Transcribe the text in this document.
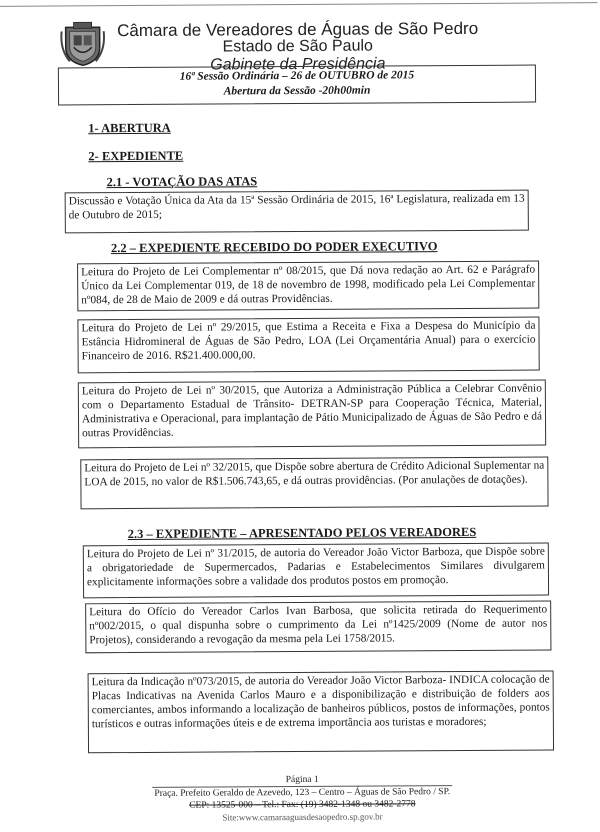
Câmara de Vereadores de Águas de São Pedro
Estado de São Paulo
Gabinete da Presidência
16ª Sessão Ordinária – 26 de OUTUBRO de 2015
Abertura da Sessão -20h00min
1- ABERTURA
2- EXPEDIENTE
2.1 - VOTAÇÃO DAS ATAS
Discussão e Votação Única da Ata da 15ª Sessão Ordinária de 2015, 16ª Legislatura, realizada em 13 de Outubro de 2015;
2.2 – EXPEDIENTE RECEBIDO DO PODER EXECUTIVO
Leitura do Projeto de Lei Complementar nº 08/2015, que Dá nova redação ao Art. 62 e Parágrafo Único da Lei Complementar 019, de 18 de novembro de 1998, modificado pela Lei Complementar nº084, de 28 de Maio de 2009 e dá outras Providências.
Leitura do Projeto de Lei nº 29/2015, que Estima a Receita e Fixa a Despesa do Município da Estância Hidromineral de Águas de São Pedro, LOA (Lei Orçamentária Anual) para o exercício Financeiro de 2016. R$21.400.000,00.
Leitura do Projeto de Lei nº 30/2015, que Autoriza a Administração Pública a Celebrar Convênio com o Departamento Estadual de Trânsito- DETRAN-SP para Cooperação Técnica, Material, Administrativa e Operacional, para implantação de Pátio Municipalizado de Águas de São Pedro e dá outras Providências.
Leitura do Projeto de Lei nº 32/2015, que Dispõe sobre abertura de Crédito Adicional Suplementar na LOA de 2015, no valor de R$1.506.743,65, e dá outras providências. (Por anulações de dotações).
2.3 – EXPEDIENTE – APRESENTADO PELOS VEREADORES
Leitura do Projeto de Lei nº 31/2015, de autoria do Vereador João Victor Barboza, que Dispõe sobre a obrigatoriedade de Supermercados, Padarias e Estabelecimentos Similares divulgarem explicitamente informações sobre a validade dos produtos postos em promoção.
Leitura do Ofício do Vereador Carlos Ivan Barbosa, que solicita retirada do Requerimento nº002/2015, o qual dispunha sobre o cumprimento da Lei nº1425/2009 (Nome de autor nos Projetos), considerando a revogação da mesma pela Lei 1758/2015.
Leitura da Indicação nº073/2015, de autoria do Vereador João Victor Barboza- INDICA colocação de Placas Indicativas na Avenida Carlos Mauro e a disponibilização e distribuição de folders aos comerciantes, ambos informando a localização de banheiros públicos, postos de informações, pontos turísticos e outras informações úteis e de extrema importância aos turistas e moradores;
Página 1
Praça. Prefeito Geraldo de Azevedo, 123 – Centro – Águas de São Pedro / SP.
CEP: 13525-000 – Tel.: Fax: (19) 3482-1348 ou 3482-2778
Site:www.camaraaguasdesaopedro.sp.gov.br
